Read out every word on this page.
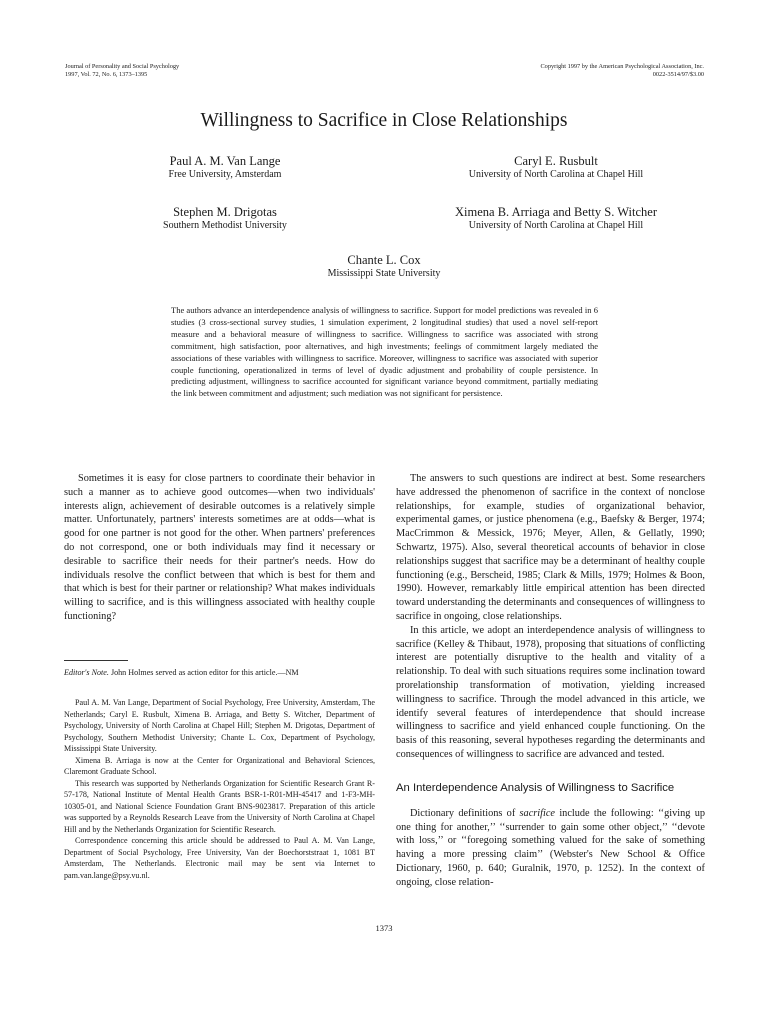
Journal of Personality and Social Psychology
1997, Vol. 72, No. 6, 1373–1395
Copyright 1997 by the American Psychological Association, Inc.
0022-3514/97/$3.00
Willingness to Sacrifice in Close Relationships
Paul A. M. Van Lange
Free University, Amsterdam
Caryl E. Rusbult
University of North Carolina at Chapel Hill
Stephen M. Drigotas
Southern Methodist University
Ximena B. Arriaga and Betty S. Witcher
University of North Carolina at Chapel Hill
Chante L. Cox
Mississippi State University
The authors advance an interdependence analysis of willingness to sacrifice. Support for model predictions was revealed in 6 studies (3 cross-sectional survey studies, 1 simulation experiment, 2 longitudinal studies) that used a novel self-report measure and a behavioral measure of willingness to sacrifice. Willingness to sacrifice was associated with strong commitment, high satisfaction, poor alternatives, and high investments; feelings of commitment largely mediated the associations of these variables with willingness to sacrifice. Moreover, willingness to sacrifice was associated with superior couple functioning, operationalized in terms of level of dyadic adjustment and probability of couple persistence. In predicting adjustment, willingness to sacrifice accounted for significant variance beyond commitment, partially mediating the link between commitment and adjustment; such mediation was not significant for persistence.

Sometimes it is easy for close partners to coordinate their behavior in such a manner as to achieve good outcomes—when two individuals' interests align, achievement of desirable outcomes is a relatively simple matter. Unfortunately, partners' interests sometimes are at odds—what is good for one partner is not good for the other. When partners' preferences do not correspond, one or both individuals may find it necessary or desirable to sacrifice their needs for their partner's needs. How do individuals resolve the conflict between that which is best for them and that which is best for their partner or relationship? What makes individuals willing to sacrifice, and is this willingness associated with healthy couple functioning?

Editor's Note. John Holmes served as action editor for this article.—NM

Paul A. M. Van Lange, Department of Social Psychology, Free University, Amsterdam, The Netherlands; Caryl E. Rusbult, Ximena B. Arriaga, and Betty S. Witcher, Department of Psychology, University of North Carolina at Chapel Hill; Stephen M. Drigotas, Department of Psychology, Southern Methodist University; Chante L. Cox, Department of Psychology, Mississippi State University.

Ximena B. Arriaga is now at the Center for Organizational and Behavioral Sciences, Claremont Graduate School.

This research was supported by Netherlands Organization for Scientific Research Grant R-57-178, National Institute of Mental Health Grants BSR-1-R01-MH-45417 and 1-F3-MH-10305-01, and National Science Foundation Grant BNS-9023817. Preparation of this article was supported by a Reynolds Research Leave from the University of North Carolina at Chapel Hill and by the Netherlands Organization for Scientific Research.

Correspondence concerning this article should be addressed to Paul A. M. Van Lange, Department of Social Psychology, Free University, Van der Boechorststraat 1, 1081 BT Amsterdam, The Netherlands. Electronic mail may be sent via Internet to pam.van.lange@psy.vu.nl.

The answers to such questions are indirect at best. Some researchers have addressed the phenomenon of sacrifice in the context of nonclose relationships, for example, studies of organizational behavior, experimental games, or justice phenomena (e.g., Baefsky & Berger, 1974; MacCrimmon & Messick, 1976; Meyer, Allen, & Gellatly, 1990; Schwartz, 1975). Also, several theoretical accounts of behavior in close relationships suggest that sacrifice may be a determinant of healthy couple functioning (e.g., Berscheid, 1985; Clark & Mills, 1979; Holmes & Boon, 1990). However, remarkably little empirical attention has been directed toward understanding the determinants and consequences of willingness to sacrifice in ongoing, close relationships.

In this article, we adopt an interdependence analysis of willingness to sacrifice (Kelley & Thibaut, 1978), proposing that situations of conflicting interest are potentially disruptive to the health and vitality of a relationship. To deal with such situations requires some inclination toward prorelationship transformation of motivation, yielding increased willingness to sacrifice. Through the model advanced in this article, we identify several features of interdependence that should increase willingness to sacrifice and yield enhanced couple functioning. On the basis of this reasoning, several hypotheses regarding the determinants and consequences of willingness to sacrifice are advanced and tested.

An Interdependence Analysis of Willingness to Sacrifice

Dictionary definitions of sacrifice include the following: ‘‘giving up one thing for another,’’ ‘‘surrender to gain some other object,’’ ‘‘devote with loss,’’ or ‘‘foregoing something valued for the sake of something having a more pressing claim’’ (Webster's New School & Office Dictionary, 1960, p. 640; Guralnik, 1970, p. 1252). In the context of ongoing, close relation-

1373
